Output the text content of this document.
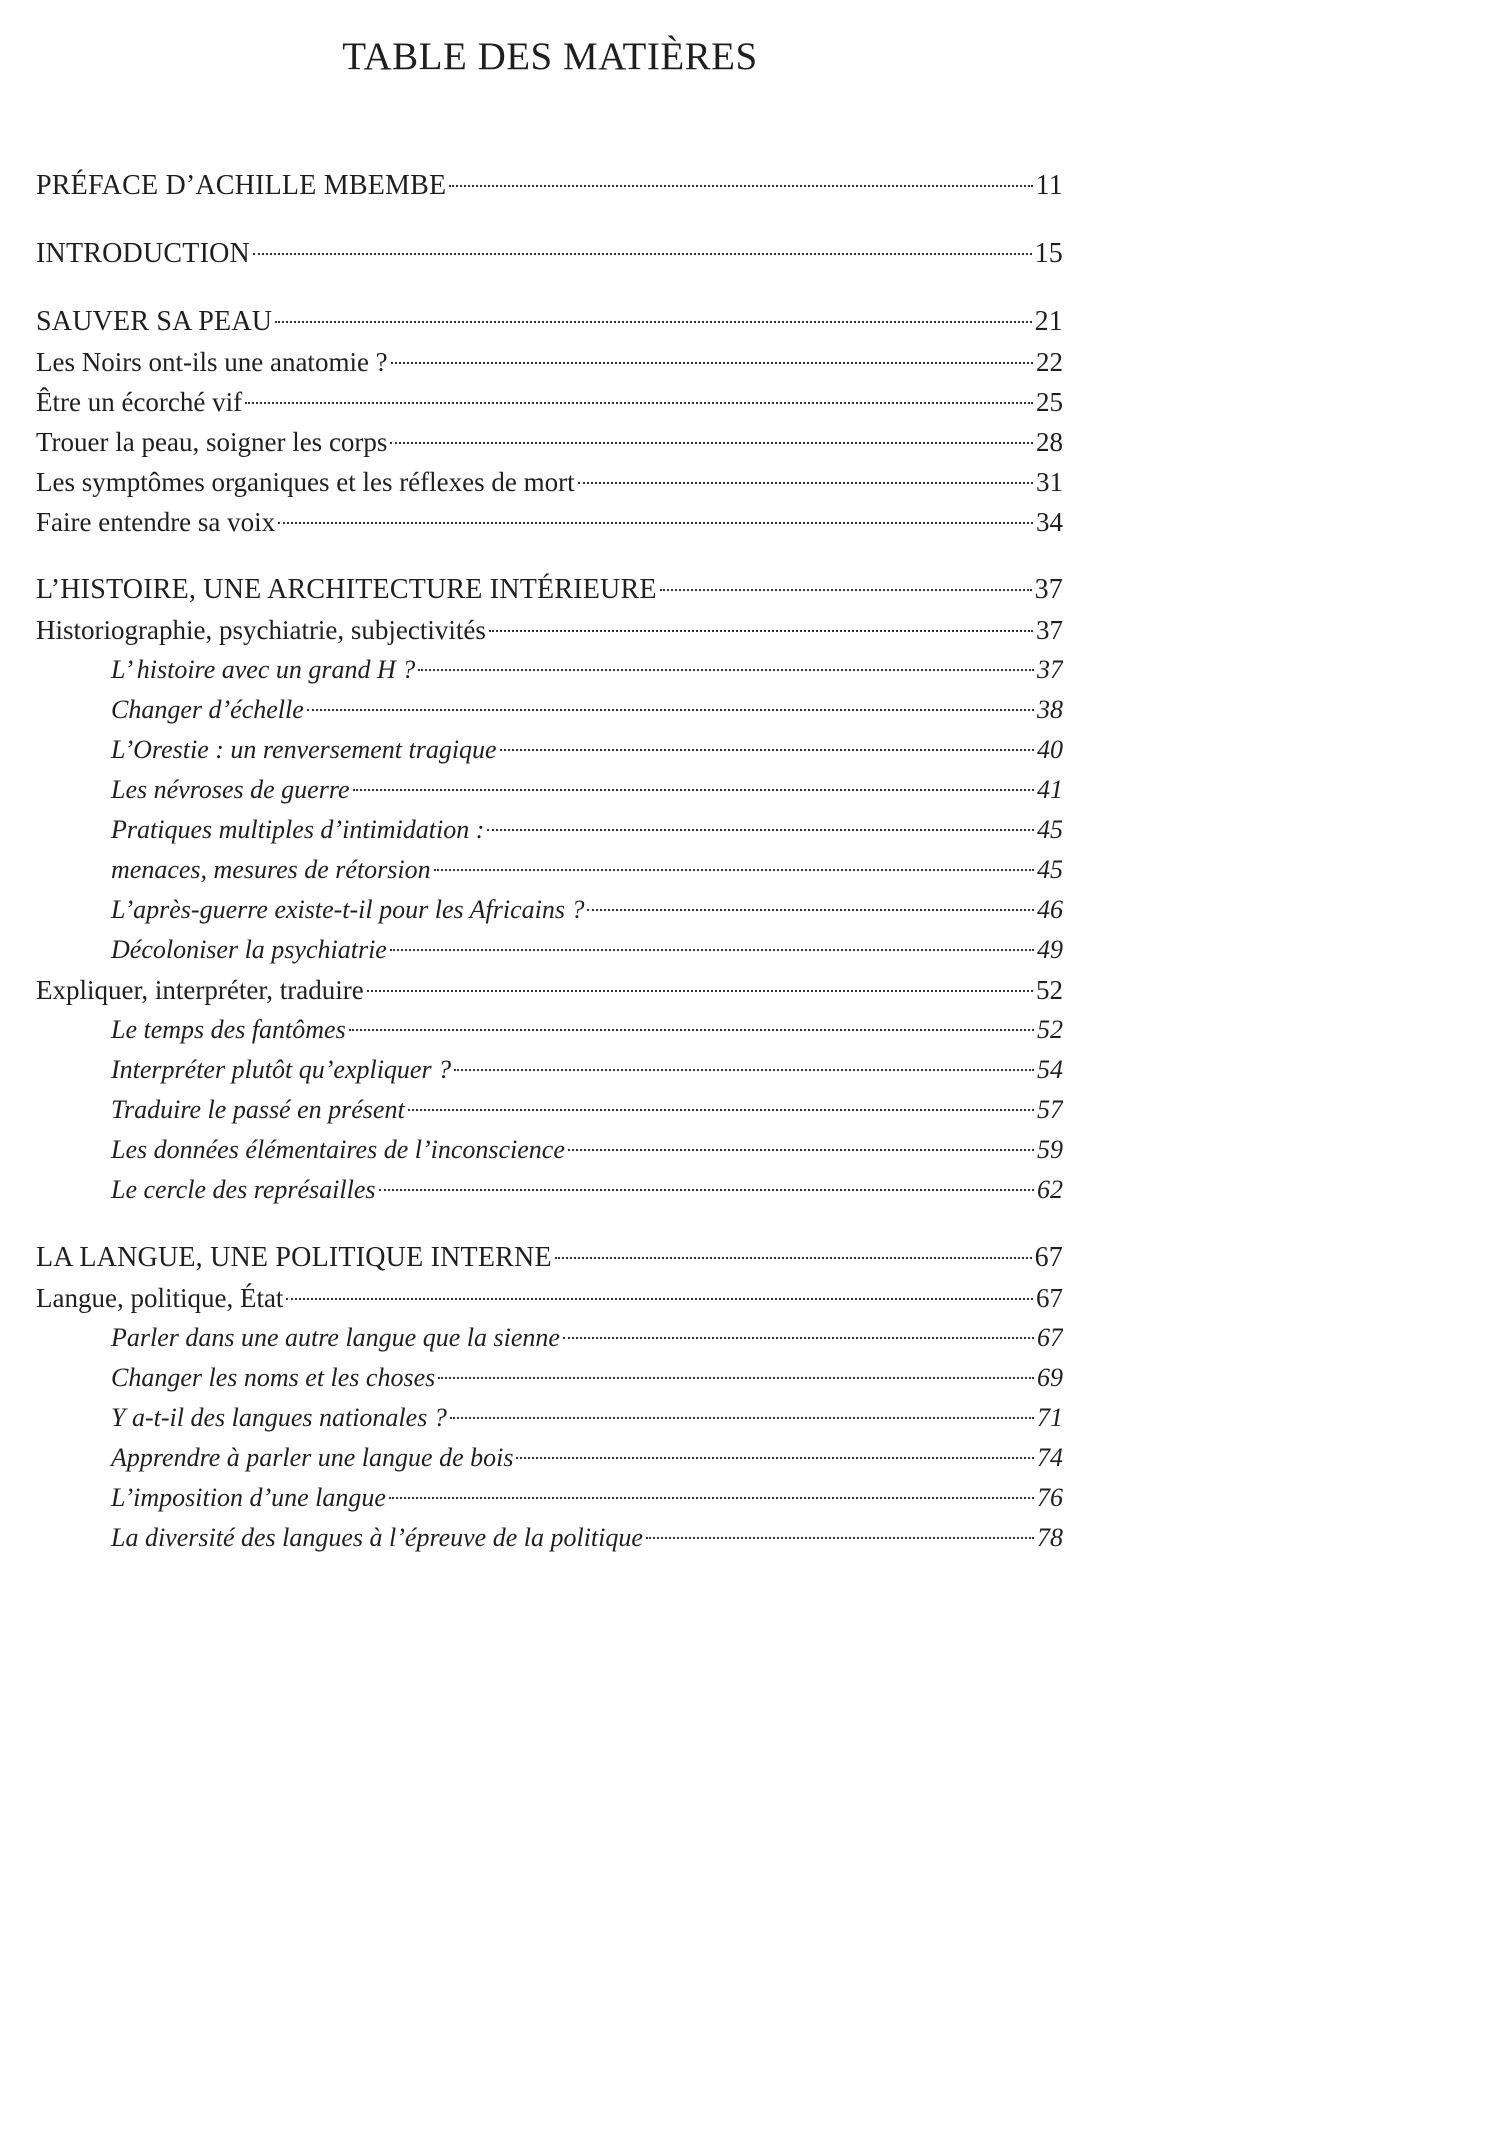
TABLE DES MATIÈRES
PRÉFACE D’ACHILLE MBEMBE	11
INTRODUCTION	15
SAUVER SA PEAU	21
Les Noirs ont-ils une anatomie ?	22
Être un écorché vif	25
Trouer la peau, soigner les corps	28
Les symptômes organiques et les réflexes de mort	31
Faire entendre sa voix	34
L’HISTOIRE, UNE ARCHITECTURE INTÉRIEURE	37
Historiographie, psychiatrie, subjectivités	37
L’ histoire avec un grand H ?	37
Changer d’échelle	38
L’Orestie : un renversement tragique	40
Les névroses de guerre	41
Pratiques multiples d’intimidation :	45
menaces, mesures de rétorsion	45
L’après-guerre existe-t-il pour les Africains ?	46
Décoloniser la psychiatrie	49
Expliquer, interpréter, traduire	52
Le temps des fantômes	52
Interpréter plutôt qu’expliquer ?	54
Traduire le passé en présent	57
Les données élémentaires de l’inconscience	59
Le cercle des représailles	62
LA LANGUE, UNE POLITIQUE INTERNE	67
Langue, politique, État	67
Parler dans une autre langue que la sienne	67
Changer les noms et les choses	69
Y a-t-il des langues nationales ?	71
Apprendre à parler une langue de bois	74
L’imposition d’une langue	76
La diversité des langues à l’épreuve de la politique	78
